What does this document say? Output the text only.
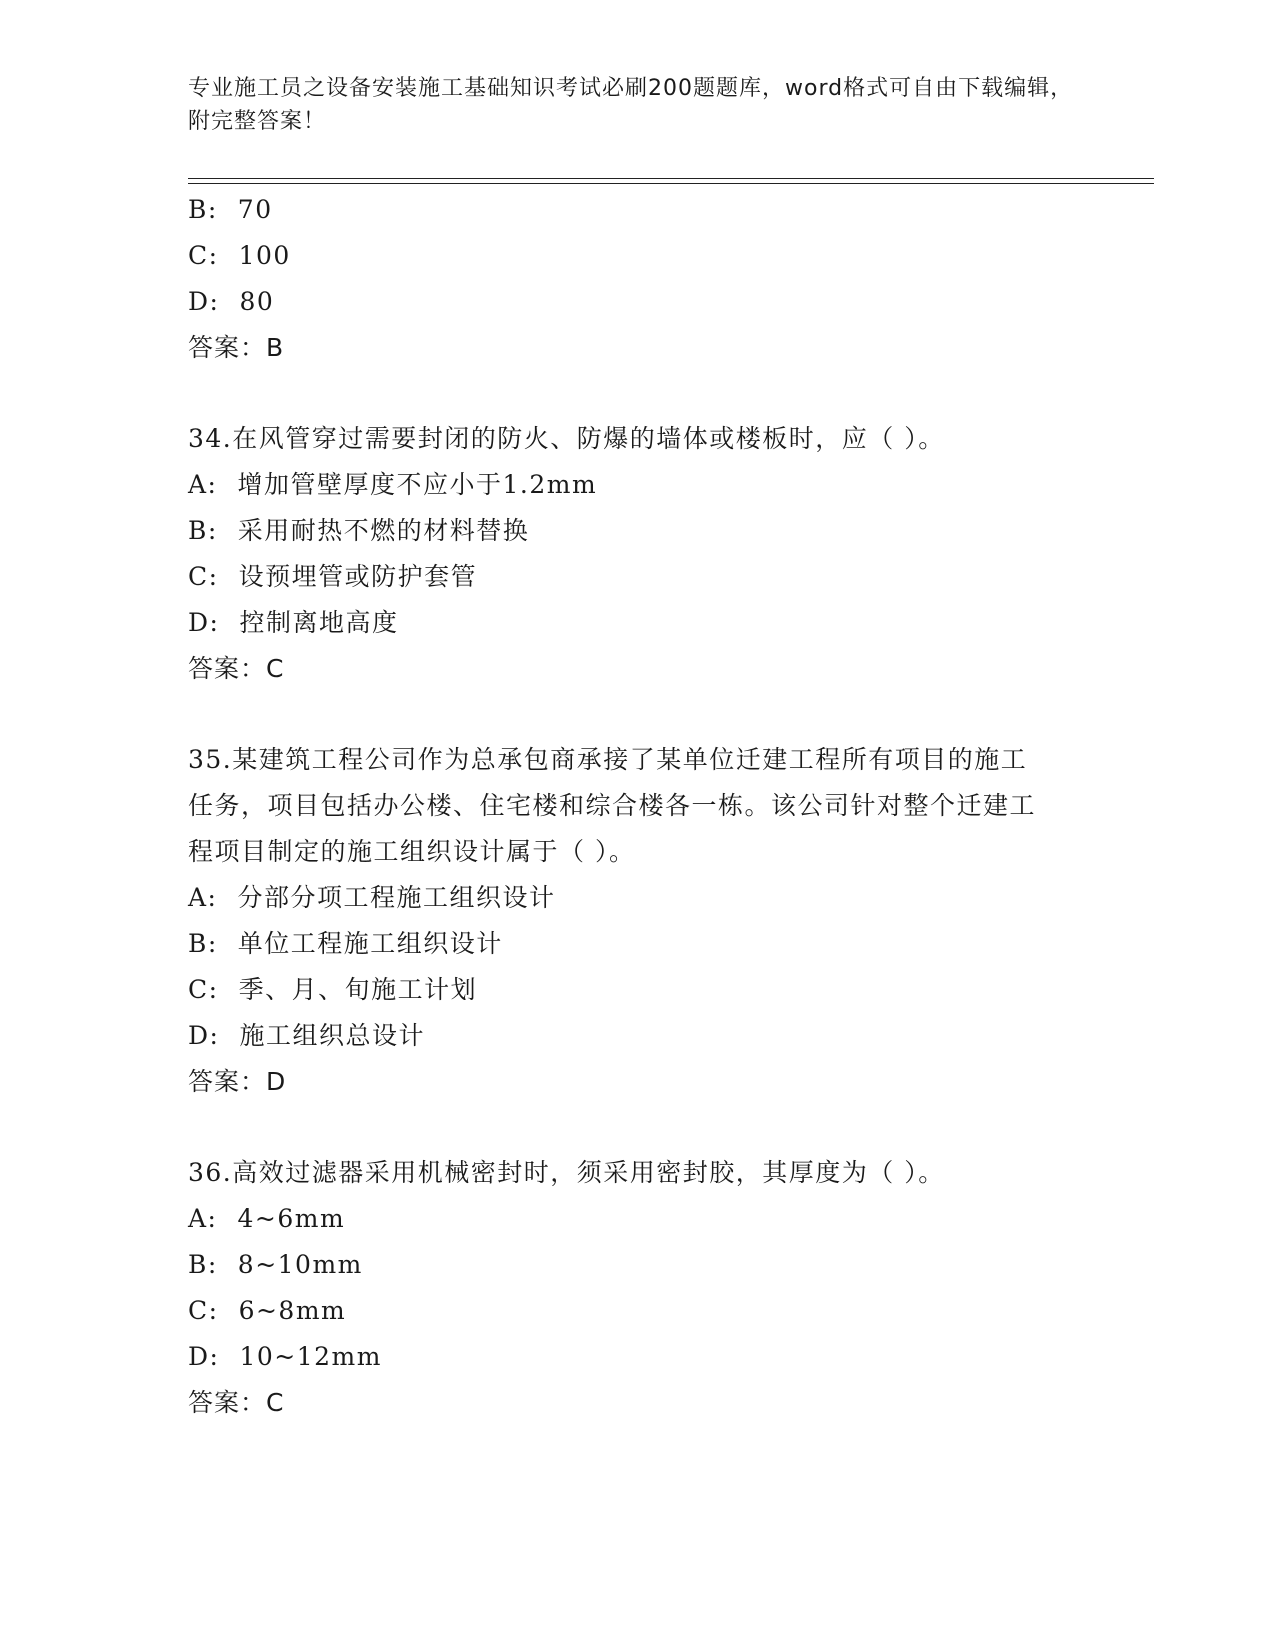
专业施工员之设备安装施工基础知识考试必刷200题题库，word格式可自由下载编辑，附完整答案！
B: 70
C: 100
D: 80
答案：B
34.在风管穿过需要封闭的防火、防爆的墙体或楼板时，应（ ）。
A: 增加管壁厚度不应小于1.2mm
B: 采用耐热不燃的材料替换
C: 设预埋管或防护套管
D: 控制离地高度
答案：C
35.某建筑工程公司作为总承包商承接了某单位迁建工程所有项目的施工任务，项目包括办公楼、住宅楼和综合楼各一栋。该公司针对整个迁建工程项目制定的施工组织设计属于（ ）。
A: 分部分项工程施工组织设计
B: 单位工程施工组织设计
C: 季、月、旬施工计划
D: 施工组织总设计
答案：D
36.高效过滤器采用机械密封时，须采用密封胶，其厚度为（ ）。
A: 4~6mm
B: 8~10mm
C: 6~8mm
D: 10~12mm
答案：C
